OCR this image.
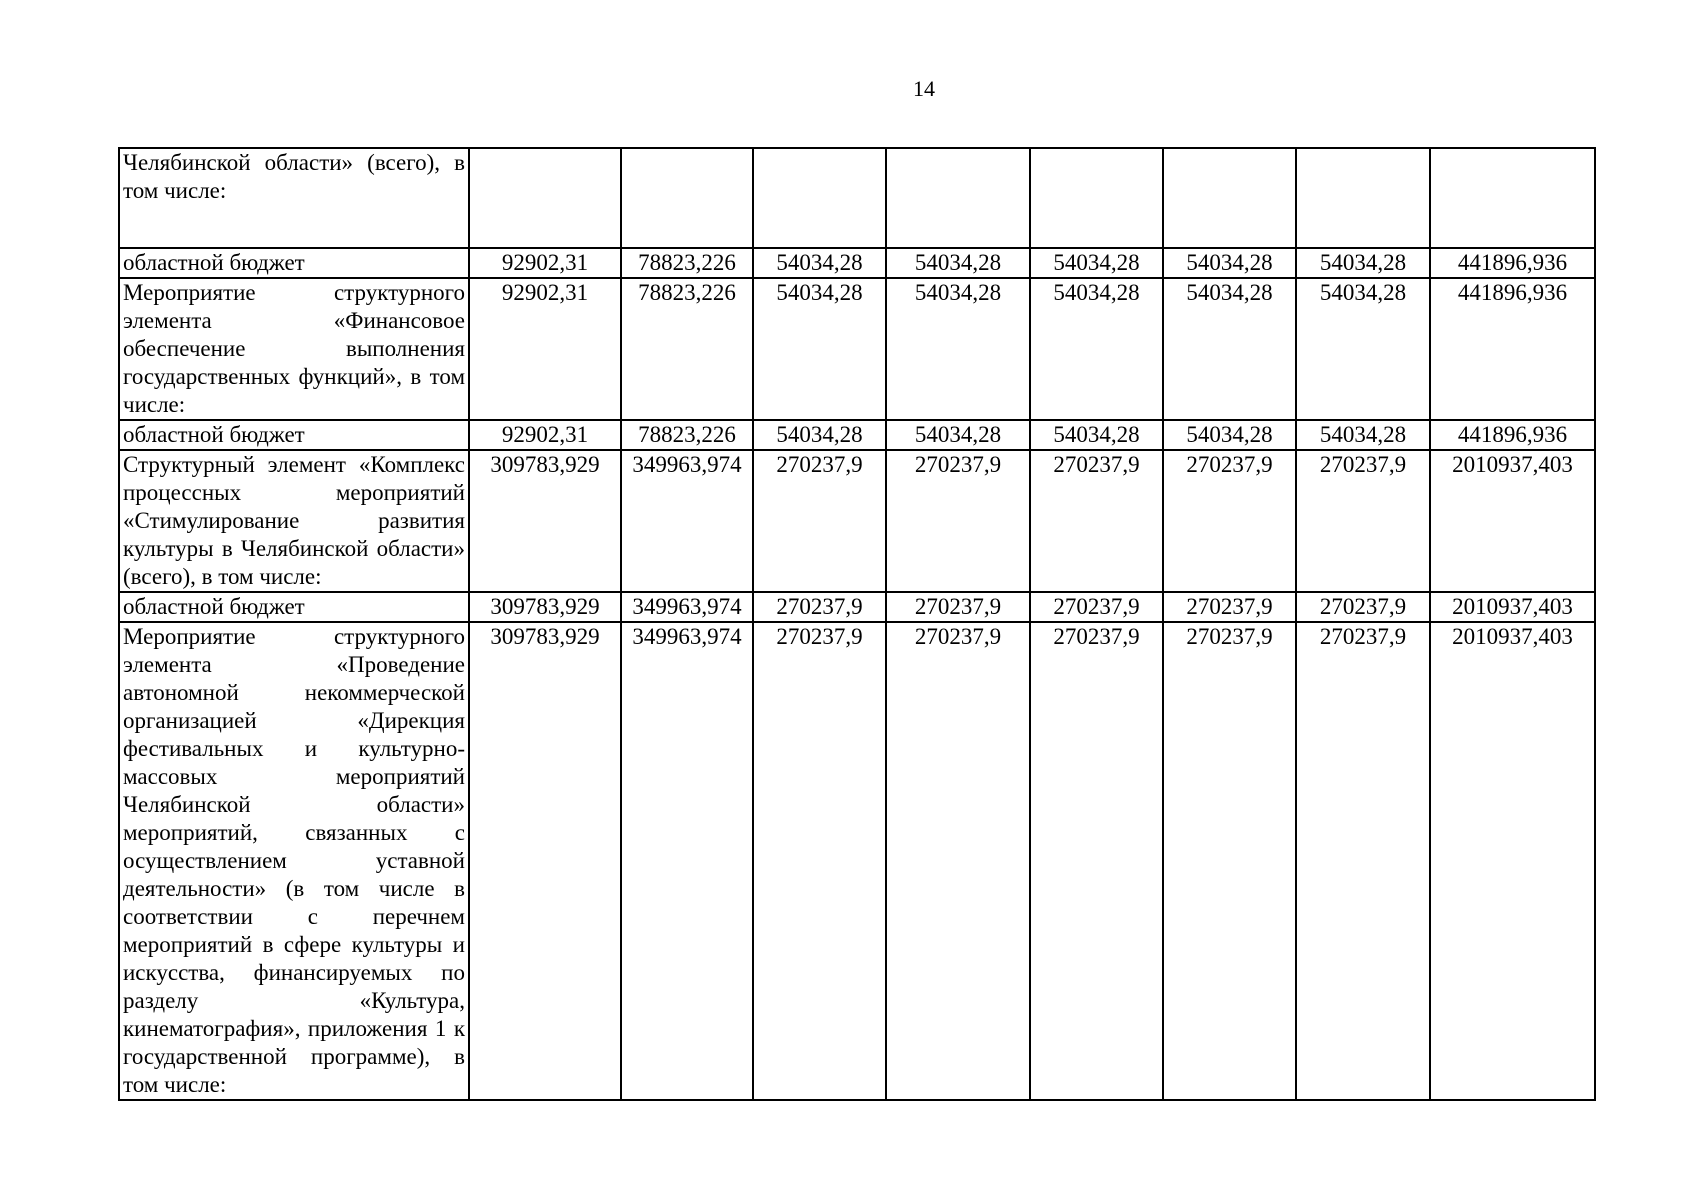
14
Челябинской области» (всего), в том числе:								
областной бюджет	92902,31	78823,226	54034,28	54034,28	54034,28	54034,28	54034,28	441896,936
Мероприятие структурного элемента «Финансовое обеспечение выполнения государственных функций», в том числе:	92902,31	78823,226	54034,28	54034,28	54034,28	54034,28	54034,28	441896,936
областной бюджет	92902,31	78823,226	54034,28	54034,28	54034,28	54034,28	54034,28	441896,936
Структурный элемент «Комплекс процессных мероприятий «Стимулирование развития культуры в Челябинской области» (всего), в том числе:	309783,929	349963,974	270237,9	270237,9	270237,9	270237,9	270237,9	2010937,403
областной бюджет	309783,929	349963,974	270237,9	270237,9	270237,9	270237,9	270237,9	2010937,403
Мероприятие структурного элемента «Проведение автономной некоммерческой организацией «Дирекция фестивальных и культурно-массовых мероприятий Челябинской области» мероприятий, связанных с осуществлением уставной деятельности» (в том числе в соответствии с перечнем мероприятий в сфере культуры и искусства, финансируемых по разделу «Культура, кинематография», приложения 1 к государственной программе), в том числе:	309783,929	349963,974	270237,9	270237,9	270237,9	270237,9	270237,9	2010937,403
